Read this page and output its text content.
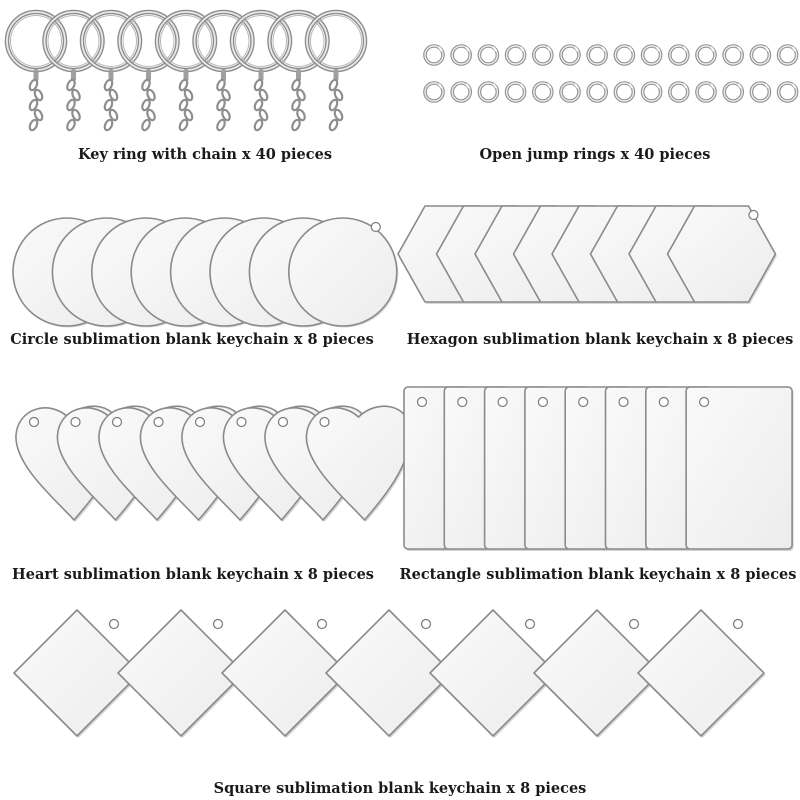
Key ring with chain x 40 pieces	Open jump rings x 40 pieces
Circle sublimation blank keychain x 8 pieces	Hexagon sublimation blank keychain x 8 pieces
Heart sublimation blank keychain x 8 pieces	Rectangle sublimation blank keychain x 8 pieces
Square sublimation blank keychain x 8 pieces
